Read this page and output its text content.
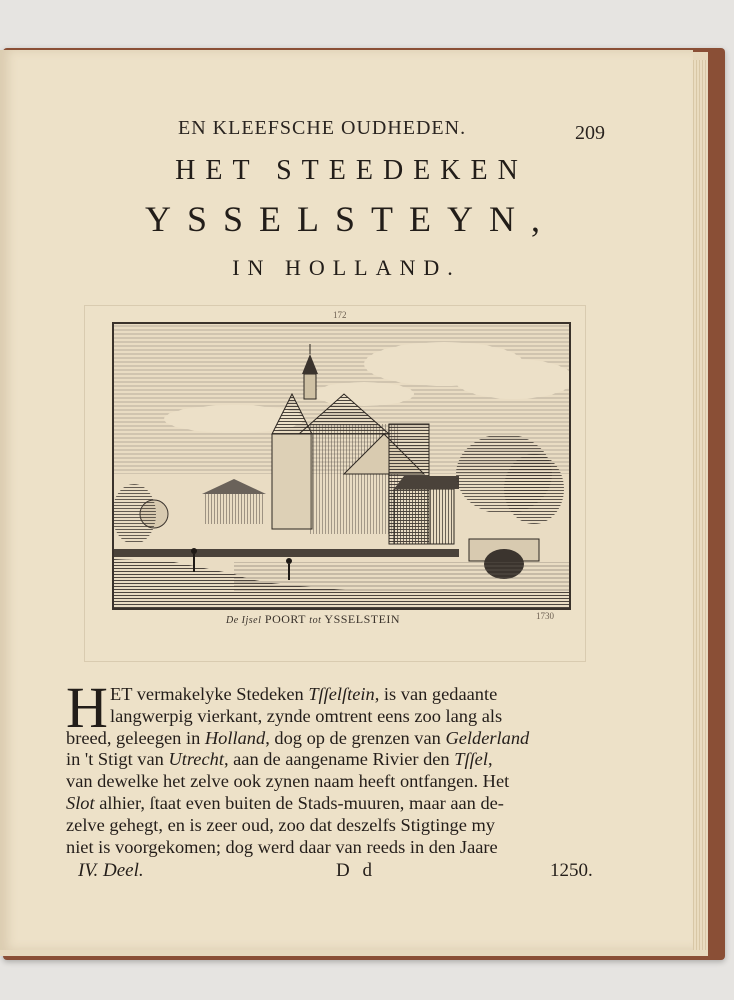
EN KLEEFSCHE OUDHEDEN.	209
HET STEEDEKEN
YSSELSTEYN,
IN HOLLAND.
172
De Ijsel POORT tot YSSELSTEIN	1730
H ET vermakelyke Stedeken Tſſelſtein, is van gedaante
langwerpig vierkant, zynde omtrent eens zoo lang als
breed, geleegen in Holland, dog op de grenzen van Gelderland
in 't Stigt van Utrecht, aan de aangename Rivier den Tſſel,
van dewelke het zelve ook zynen naam heeft ontfangen. Het
Slot alhier, ſtaat even buiten de Stads-muuren, maar aan de-
zelve gehegt, en is zeer oud, zoo dat deszelfs Stigtinge my
niet is voorgekomen; dog werd daar van reeds in den Jaare
IV. Deel.	D d	1250.
